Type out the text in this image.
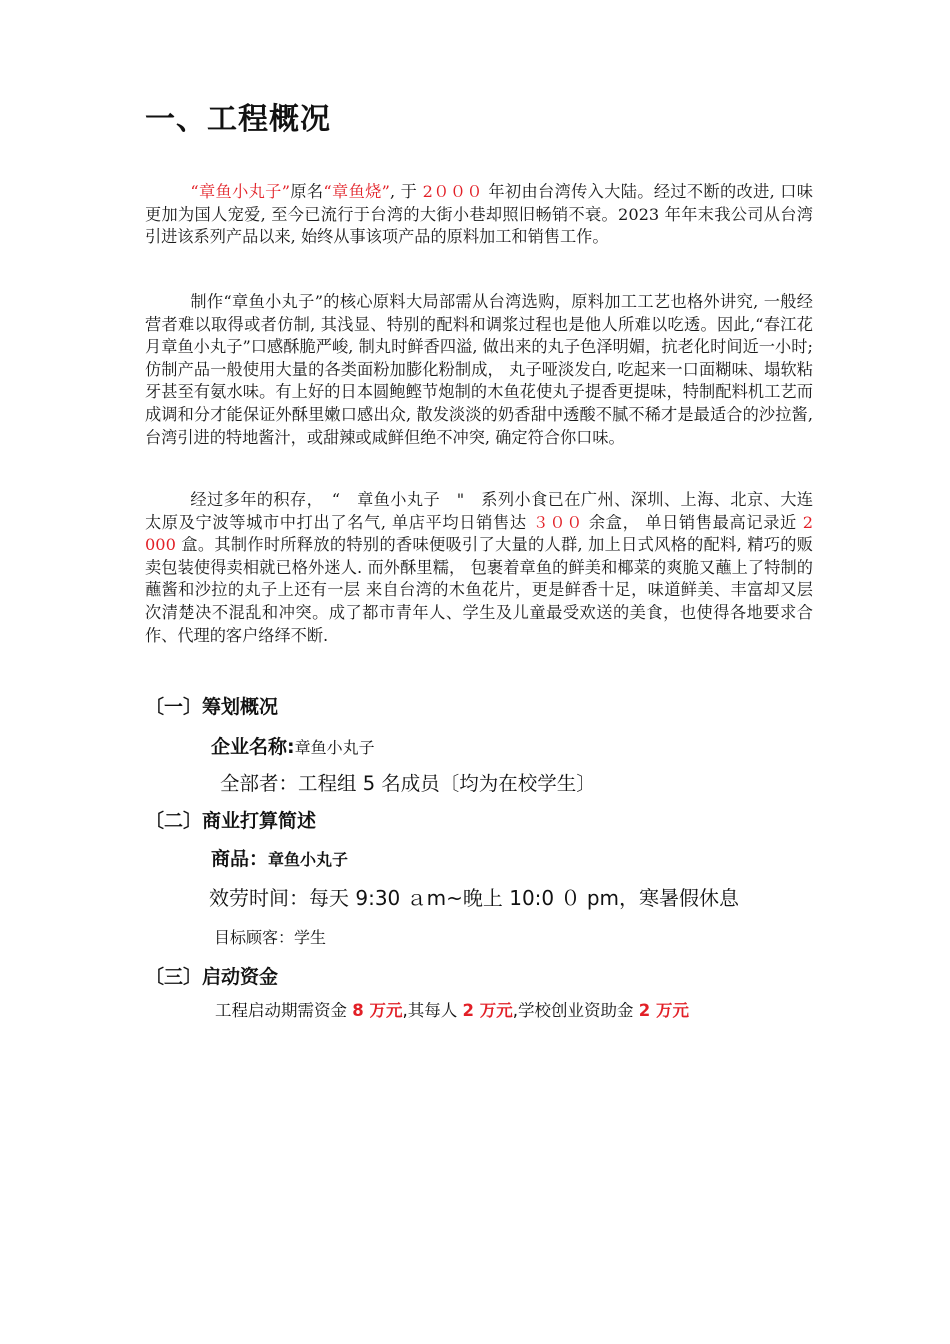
一、工程概况

“章鱼小丸子”原名“章鱼烧”, 于 2０００ 年初由台湾传入大陆。经过不断的改进, 口味更加为国人宠爱, 至今已流行于台湾的大街小巷却照旧畅销不衰。2023 年年末我公司从台湾引进该系列产品以来, 始终从事该项产品的原料加工和销售工作。

制作“章鱼小丸子”的核心原料大局部需从台湾选购，原料加工工艺也格外讲究, 一般经营者难以取得或者仿制, 其浅显、特别的配料和调浆过程也是他人所难以吃透。因此,“春江花月章鱼小丸子”口感酥脆严峻, 制丸时鲜香四溢, 做出来的丸子色泽明媚，抗老化时间近一小时; 仿制产品一般使用大量的各类面粉加膨化粉制成， 丸子哑淡发白, 吃起来一口面糊味、塌软粘牙甚至有氨水味。有上好的日本圆鲍鲣节炮制的木鱼花使丸子提香更提味，特制配料机工艺而成调和分才能保证外酥里嫩口感出众, 散发淡淡的奶香甜中透酸不腻不稀才是最适合的沙拉酱, 台湾引进的特地酱汁，或甜辣或咸鲜但绝不冲突, 确定符合你口味。

经过多年的积存，　“　章鱼小丸子　"　系列小食已在广州、深圳、上海、北京、大连太原及宁波等城市中打出了名气, 单店平均日销售达 ３００ 余盒， 单日销售最高记录近 2 000 盒。其制作时所释放的特别的香味便吸引了大量的人群, 加上日式风格的配料, 精巧的贩卖包装使得卖相就已格外迷人. 而外酥里糯， 包裹着章鱼的鲜美和椰菜的爽脆又蘸上了特制的蘸酱和沙拉的丸子上还有一层 来自台湾的木鱼花片，更是鲜香十足，味道鲜美、丰富却又层次清楚决不混乱和冲突。成了都市青年人、学生及儿童最受欢送的美食，也使得各地要求合作、代理的客户络绎不断.

〔一〕筹划概况
企业名称:章鱼小丸子
全部者：工程组 5 名成员〔均为在校学生〕
〔二〕商业打算简述
商品：章鱼小丸子
效劳时间：每天 9:30 ａm~晚上 10:0 ０ pm，寒暑假休息
目标顾客：学生
〔三〕启动资金
工程启动期需资金 8 万元,其每人 2 万元,学校创业资助金 2 万元
